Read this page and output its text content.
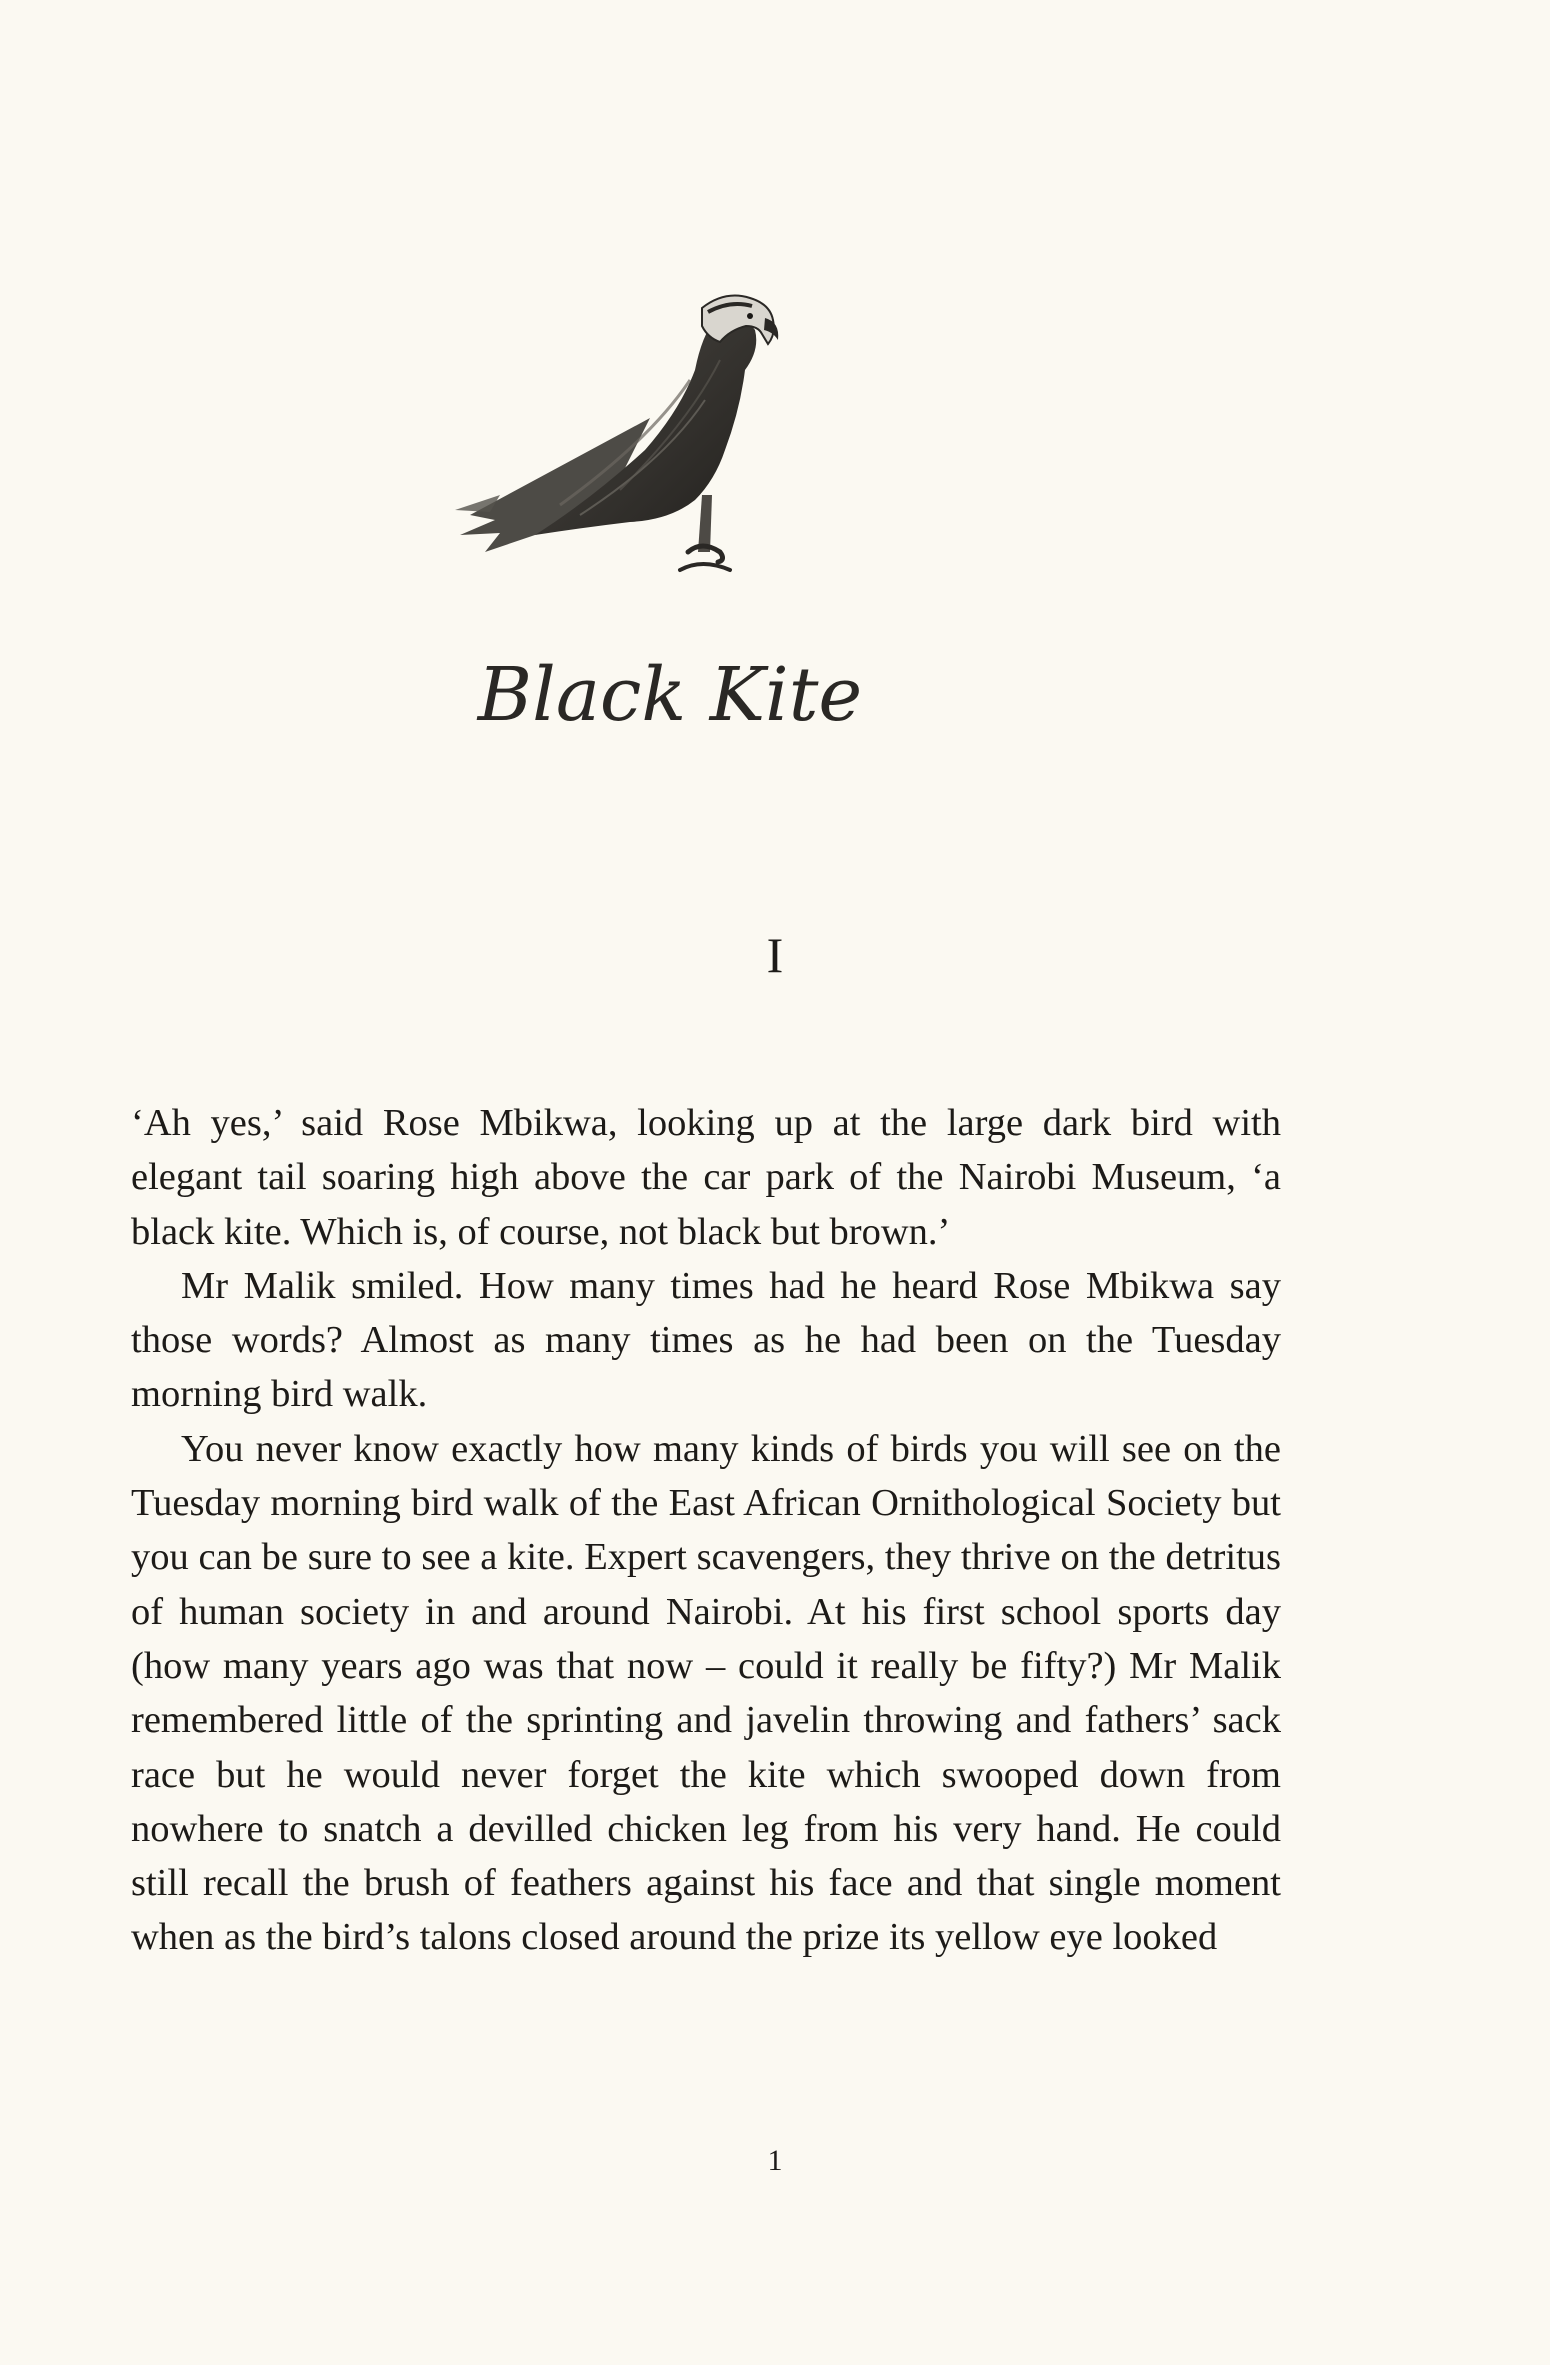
Black Kite
I

‘Ah yes,’ said Rose Mbikwa, looking up at the large dark bird with elegant tail soaring high above the car park of the Nairobi Museum, ‘a black kite. Which is, of course, not black but brown.’

Mr Malik smiled. How many times had he heard Rose Mbikwa say those words? Almost as many times as he had been on the Tuesday morning bird walk.

You never know exactly how many kinds of birds you will see on the Tuesday morning bird walk of the East African Ornithological Society but you can be sure to see a kite. Expert scavengers, they thrive on the detritus of human society in and around Nairobi. At his first school sports day (how many years ago was that now – could it really be fifty?) Mr Malik remembered little of the sprinting and javelin throwing and fathers’ sack race but he would never forget the kite which swooped down from nowhere to snatch a devilled chicken leg from his very hand. He could still recall the brush of feathers against his face and that single moment when as the bird’s talons closed around the prize its yellow eye looked

1
